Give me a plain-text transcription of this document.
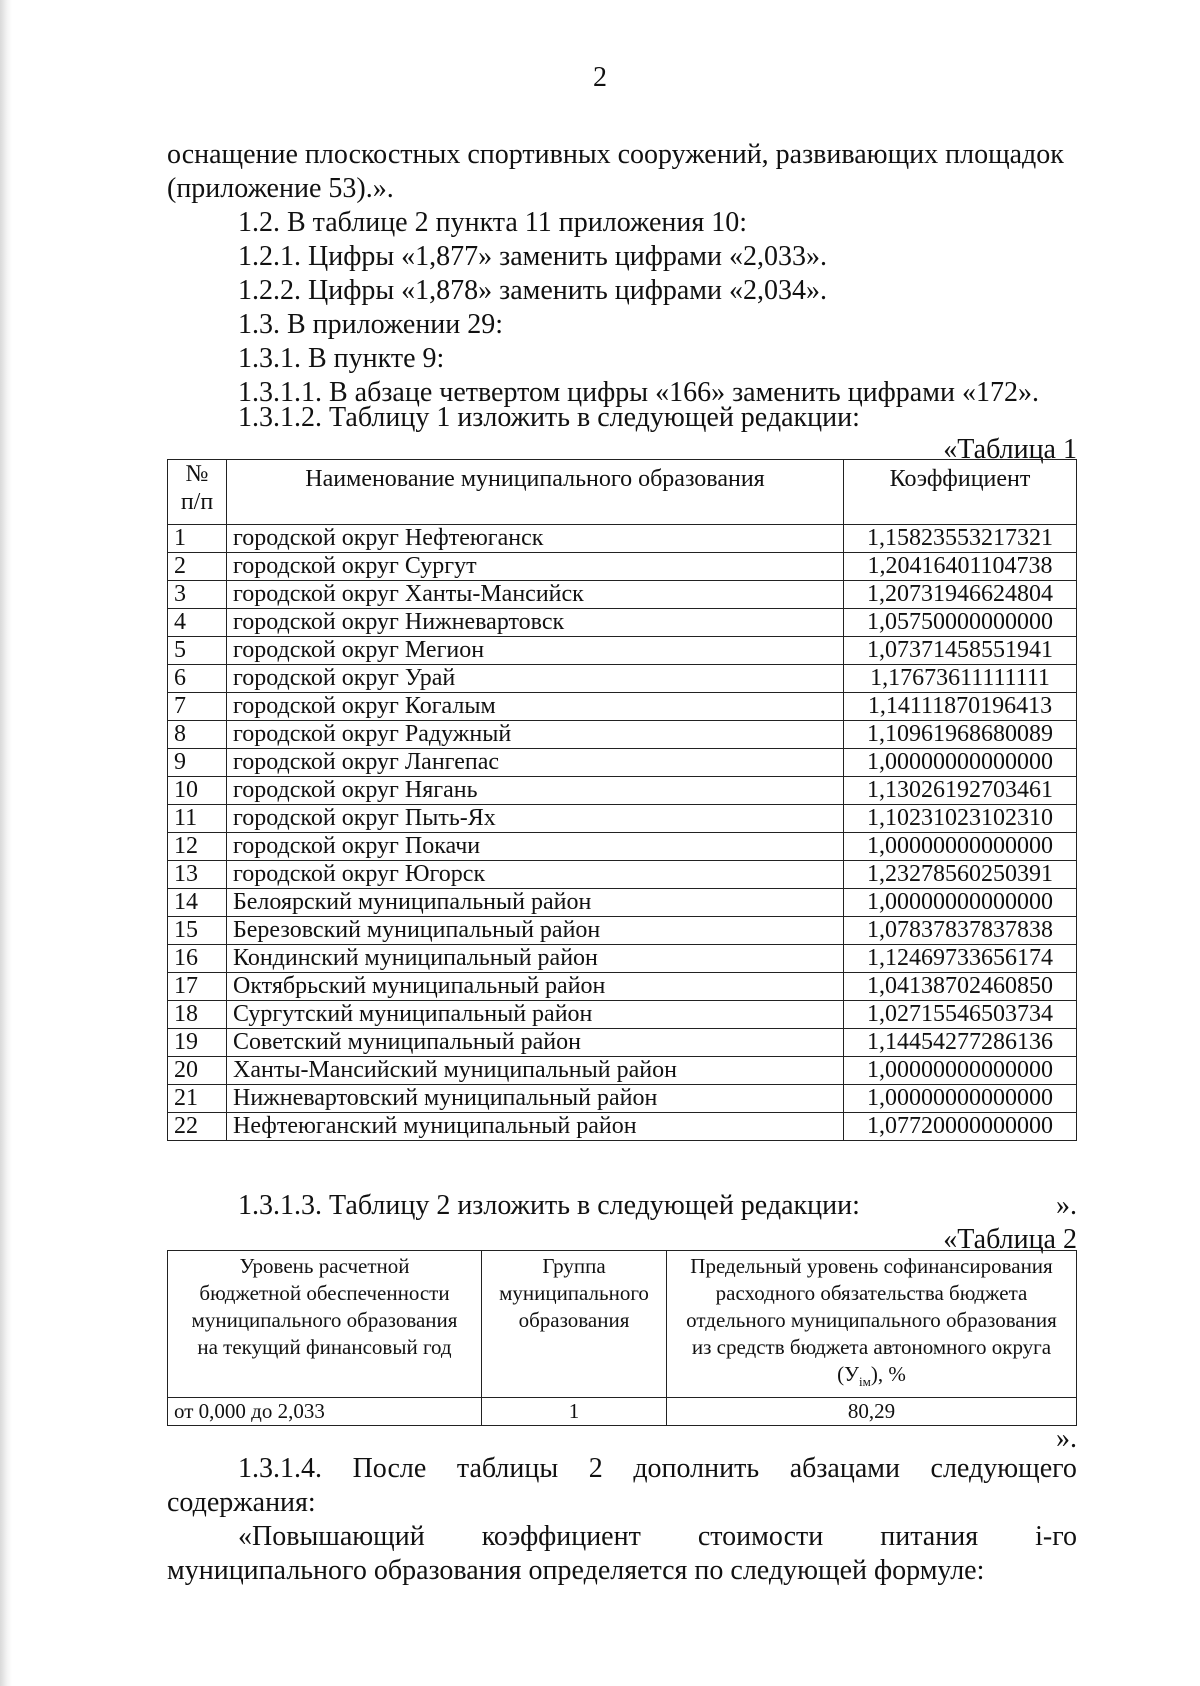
2
оснащение плоскостных спортивных сооружений, развивающих площадок
(приложение 53).».
1.2. В таблице 2 пункта 11 приложения 10:
1.2.1. Цифры «1,877» заменить цифрами «2,033».
1.2.2. Цифры «1,878» заменить цифрами «2,034».
1.3. В приложении 29:
1.3.1. В пункте 9:
1.3.1.1. В абзаце четвертом цифры «166» заменить цифрами «172».
1.3.1.2. Таблицу 1 изложить в следующей редакции:
«Таблица 1
№
п/п	Наименование муниципального образования	Коэффициент
1	городской округ Нефтеюганск	1,15823553217321
2	городской округ Сургут	1,20416401104738
3	городской округ Ханты-Мансийск	1,20731946624804
4	городской округ Нижневартовск	1,05750000000000
5	городской округ Мегион	1,07371458551941
6	городской округ Урай	1,17673611111111
7	городской округ Когалым	1,14111870196413
8	городской округ Радужный	1,10961968680089
9	городской округ Лангепас	1,00000000000000
10	городской округ Нягань	1,13026192703461
11	городской округ Пыть-Ях	1,10231023102310
12	городской округ Покачи	1,00000000000000
13	городской округ Югорск	1,23278560250391
14	Белоярский муниципальный район	1,00000000000000
15	Березовский муниципальный район	1,07837837837838
16	Кондинский муниципальный район	1,12469733656174
17	Октябрьский муниципальный район	1,04138702460850
18	Сургутский муниципальный район	1,02715546503734
19	Советский муниципальный район	1,14454277286136
20	Ханты-Мансийский муниципальный район	1,00000000000000
21	Нижневартовский муниципальный район	1,00000000000000
22	Нефтеюганский муниципальный район	1,07720000000000
».
1.3.1.3. Таблицу 2 изложить в следующей редакции:
«Таблица 2
Уровень расчетной
бюджетной обеспеченности
муниципального образования
на текущий финансовый год	Группа
муниципального
образования	Предельный уровень софинансирования
расходного обязательства бюджета
отдельного муниципального образования
из средств бюджета автономного округа
$(У_{iм})$, %
от 0,000 до 2,033	1	80,29
».
1.3.1.4. После таблицы 2 дополнить абзацами следующего
содержания:
«Повышающий коэффициент стоимости питания i-го
муниципального образования определяется по следующей формуле:
